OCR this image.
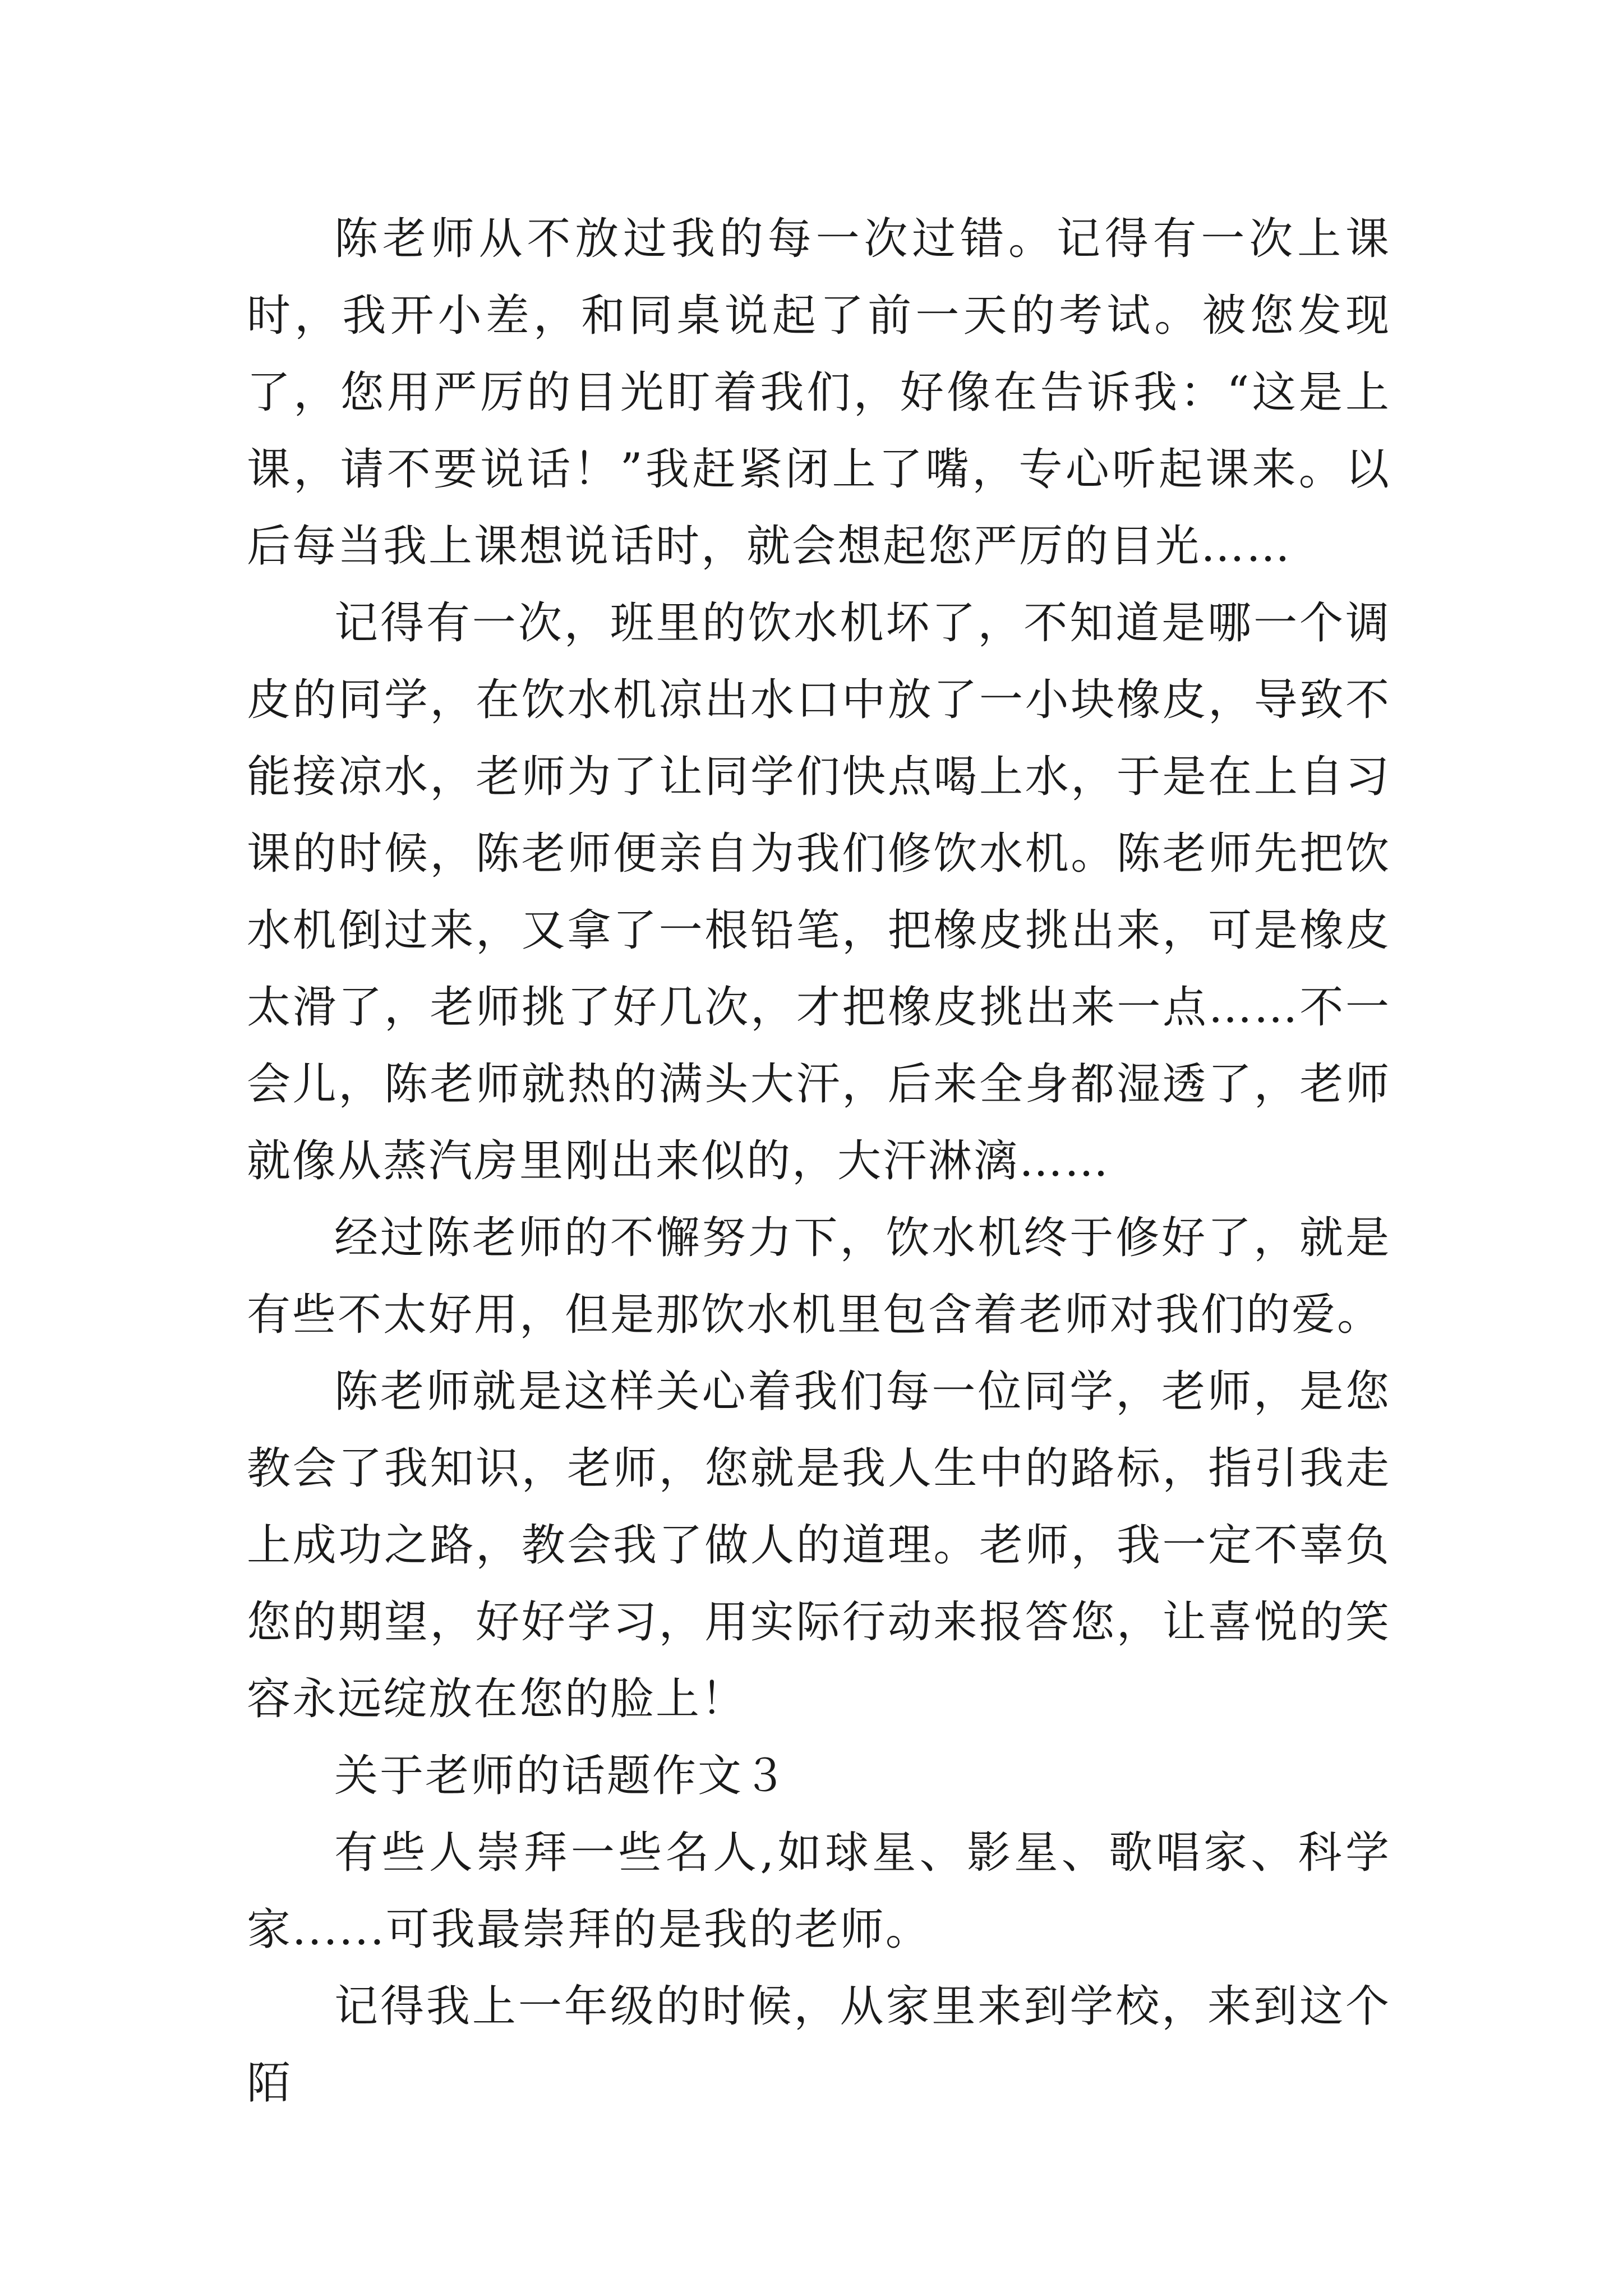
陈老师从不放过我的每一次过错。记得有一次上课时，我开小差，和同桌说起了前一天的考试。被您发现了，您用严厉的目光盯着我们，好像在告诉我：“这是上课，请不要说话！”我赶紧闭上了嘴，专心听起课来。以后每当我上课想说话时，就会想起您严厉的目光……

记得有一次，班里的饮水机坏了，不知道是哪一个调皮的同学，在饮水机凉出水口中放了一小块橡皮，导致不能接凉水，老师为了让同学们快点喝上水，于是在上自习课的时候，陈老师便亲自为我们修饮水机。陈老师先把饮水机倒过来，又拿了一根铅笔，把橡皮挑出来，可是橡皮太滑了，老师挑了好几次，才把橡皮挑出来一点……不一会儿，陈老师就热的满头大汗，后来全身都湿透了，老师就像从蒸汽房里刚出来似的，大汗淋漓……

经过陈老师的不懈努力下，饮水机终于修好了，就是有些不太好用，但是那饮水机里包含着老师对我们的爱。

陈老师就是这样关心着我们每一位同学，老师，是您教会了我知识，老师，您就是我人生中的路标，指引我走上成功之路，教会我了做人的道理。老师，我一定不辜负您的期望，好好学习，用实际行动来报答您，让喜悦的笑容永远绽放在您的脸上！

关于老师的话题作文３

有些人崇拜一些名人,如球星、影星、歌唱家、科学家......可我最崇拜的是我的老师。

记得我上一年级的时候，从家里来到学校，来到这个陌
